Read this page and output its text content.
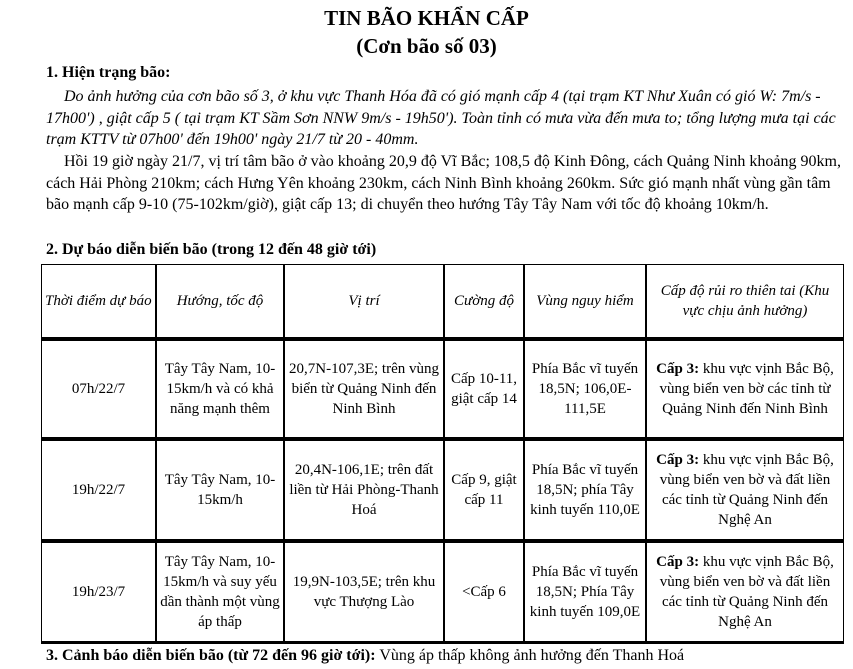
TIN BÃO KHẨN CẤP
(Cơn bão số 03)
1. Hiện trạng bão:
Do ảnh hưởng của cơn bão số 3, ở khu vực Thanh Hóa đã có gió mạnh cấp 4 (tại trạm KT Như Xuân có gió W: 7m/s - 17h00') , giật cấp 5 ( tại trạm KT Sầm Sơn NNW 9m/s - 19h50'). Toàn tỉnh có mưa vừa đến mưa to; tổng lượng mưa tại các trạm KTTV từ 07h00' đến 19h00' ngày 21/7 từ 20 - 40mm.
Hồi 19 giờ ngày 21/7, vị trí tâm bão ở vào khoảng 20,9 độ Vĩ Bắc; 108,5 độ Kinh Đông, cách Quảng Ninh khoảng 90km, cách Hải Phòng 210km; cách Hưng Yên khoảng 230km, cách Ninh Bình khoảng 260km. Sức gió mạnh nhất vùng gần tâm bão mạnh cấp 9-10 (75-102km/giờ), giật cấp 13; di chuyển theo hướng Tây Tây Nam với tốc độ khoảng 10km/h.
2. Dự báo diễn biến bão (trong 12 đến 48 giờ tới)
Thời điểm dự báo	Hướng, tốc độ	Vị trí	Cường độ	Vùng nguy hiểm	Cấp độ rủi ro thiên tai (Khu vực chịu ảnh hưởng)
07h/22/7	Tây Tây Nam, 10-15km/h và có khả năng mạnh thêm	20,7N-107,3E; trên vùng biển từ Quảng Ninh đến Ninh Bình	Cấp 10-11, giật cấp 14	Phía Bắc vĩ tuyến 18,5N; 106,0E-111,5E	Cấp 3: khu vực vịnh Bắc Bộ, vùng biển ven bờ các tỉnh từ Quảng Ninh đến Ninh Bình
19h/22/7	Tây Tây Nam, 10-15km/h	20,4N-106,1E; trên đất liền từ Hải Phòng-Thanh Hoá	Cấp 9, giật cấp 11	Phía Bắc vĩ tuyến 18,5N; phía Tây kinh tuyến 110,0E	Cấp 3: khu vực vịnh Bắc Bộ, vùng biển ven bờ và đất liền các tỉnh từ Quảng Ninh đến Nghệ An
19h/23/7	Tây Tây Nam, 10-15km/h và suy yếu dần thành một vùng áp thấp	19,9N-103,5E; trên khu vực Thượng Lào	<Cấp 6	Phía Bắc vĩ tuyến 18,5N; Phía Tây kinh tuyến 109,0E	Cấp 3: khu vực vịnh Bắc Bộ, vùng biển ven bờ và đất liền các tỉnh từ Quảng Ninh đến Nghệ An
3. Cảnh báo diễn biến bão (từ 72 đến 96 giờ tới): Vùng áp thấp không ảnh hưởng đến Thanh Hoá
